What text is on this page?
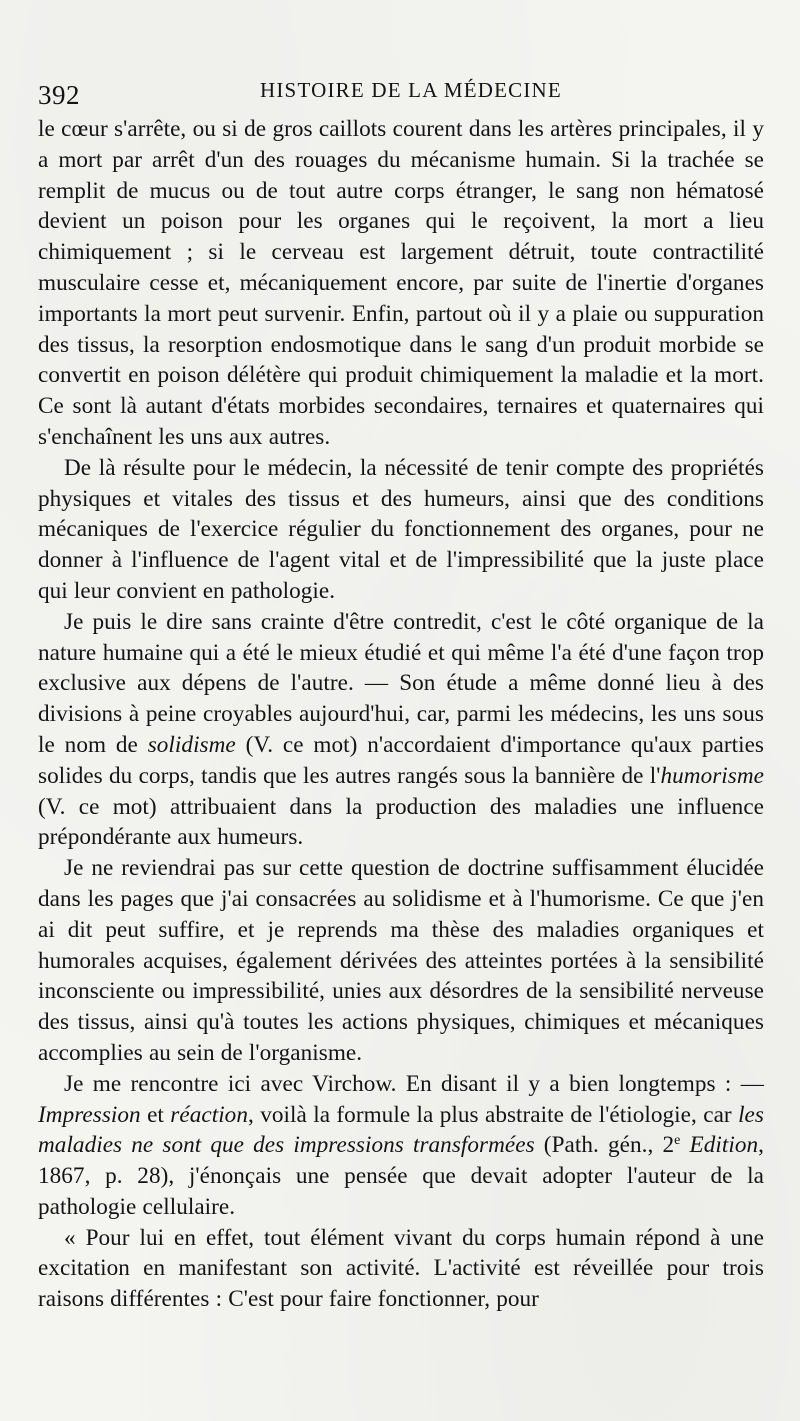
392	HISTOIRE DE LA MÉDECINE

le cœur s'arrête, ou si de gros caillots courent dans les artères principales, il y a mort par arrêt d'un des rouages du mécanisme humain. Si la trachée se remplit de mucus ou de tout autre corps étranger, le sang non hématosé devient un poison pour les organes qui le reçoivent, la mort a lieu chimiquement ; si le cerveau est largement détruit, toute contractilité musculaire cesse et, mécaniquement encore, par suite de l'inertie d'organes importants la mort peut survenir. Enfin, partout où il y a plaie ou suppuration des tissus, la resorption endosmotique dans le sang d'un produit morbide se convertit en poison délétère qui produit chimiquement la maladie et la mort. Ce sont là autant d'états morbides secondaires, ternaires et quaternaires qui s'enchaînent les uns aux autres.

De là résulte pour le médecin, la nécessité de tenir compte des propriétés physiques et vitales des tissus et des humeurs, ainsi que des conditions mécaniques de l'exercice régulier du fonctionnement des organes, pour ne donner à l'influence de l'agent vital et de l'impressibilité que la juste place qui leur convient en pathologie.

Je puis le dire sans crainte d'être contredit, c'est le côté organique de la nature humaine qui a été le mieux étudié et qui même l'a été d'une façon trop exclusive aux dépens de l'autre. — Son étude a même donné lieu à des divisions à peine croyables aujourd'hui, car, parmi les médecins, les uns sous le nom de solidisme (V. ce mot) n'accordaient d'importance qu'aux parties solides du corps, tandis que les autres rangés sous la bannière de l'humorisme (V. ce mot) attribuaient dans la production des maladies une influence prépondérante aux humeurs.

Je ne reviendrai pas sur cette question de doctrine suffisamment élucidée dans les pages que j'ai consacrées au solidisme et à l'humorisme. Ce que j'en ai dit peut suffire, et je reprends ma thèse des maladies organiques et humorales acquises, également dérivées des atteintes portées à la sensibilité inconsciente ou impressibilité, unies aux désordres de la sensibilité nerveuse des tissus, ainsi qu'à toutes les actions physiques, chimiques et mécaniques accomplies au sein de l'organisme.

Je me rencontre ici avec Virchow. En disant il y a bien longtemps : — Impression et réaction, voilà la formule la plus abstraite de l'étiologie, car les maladies ne sont que des impressions transformées (Path. gén., 2e Edition, 1867, p. 28), j'énonçais une pensée que devait adopter l'auteur de la pathologie cellulaire.

« Pour lui en effet, tout élément vivant du corps humain répond à une excitation en manifestant son activité. L'activité est réveillée pour trois raisons différentes : C'est pour faire fonctionner, pour
